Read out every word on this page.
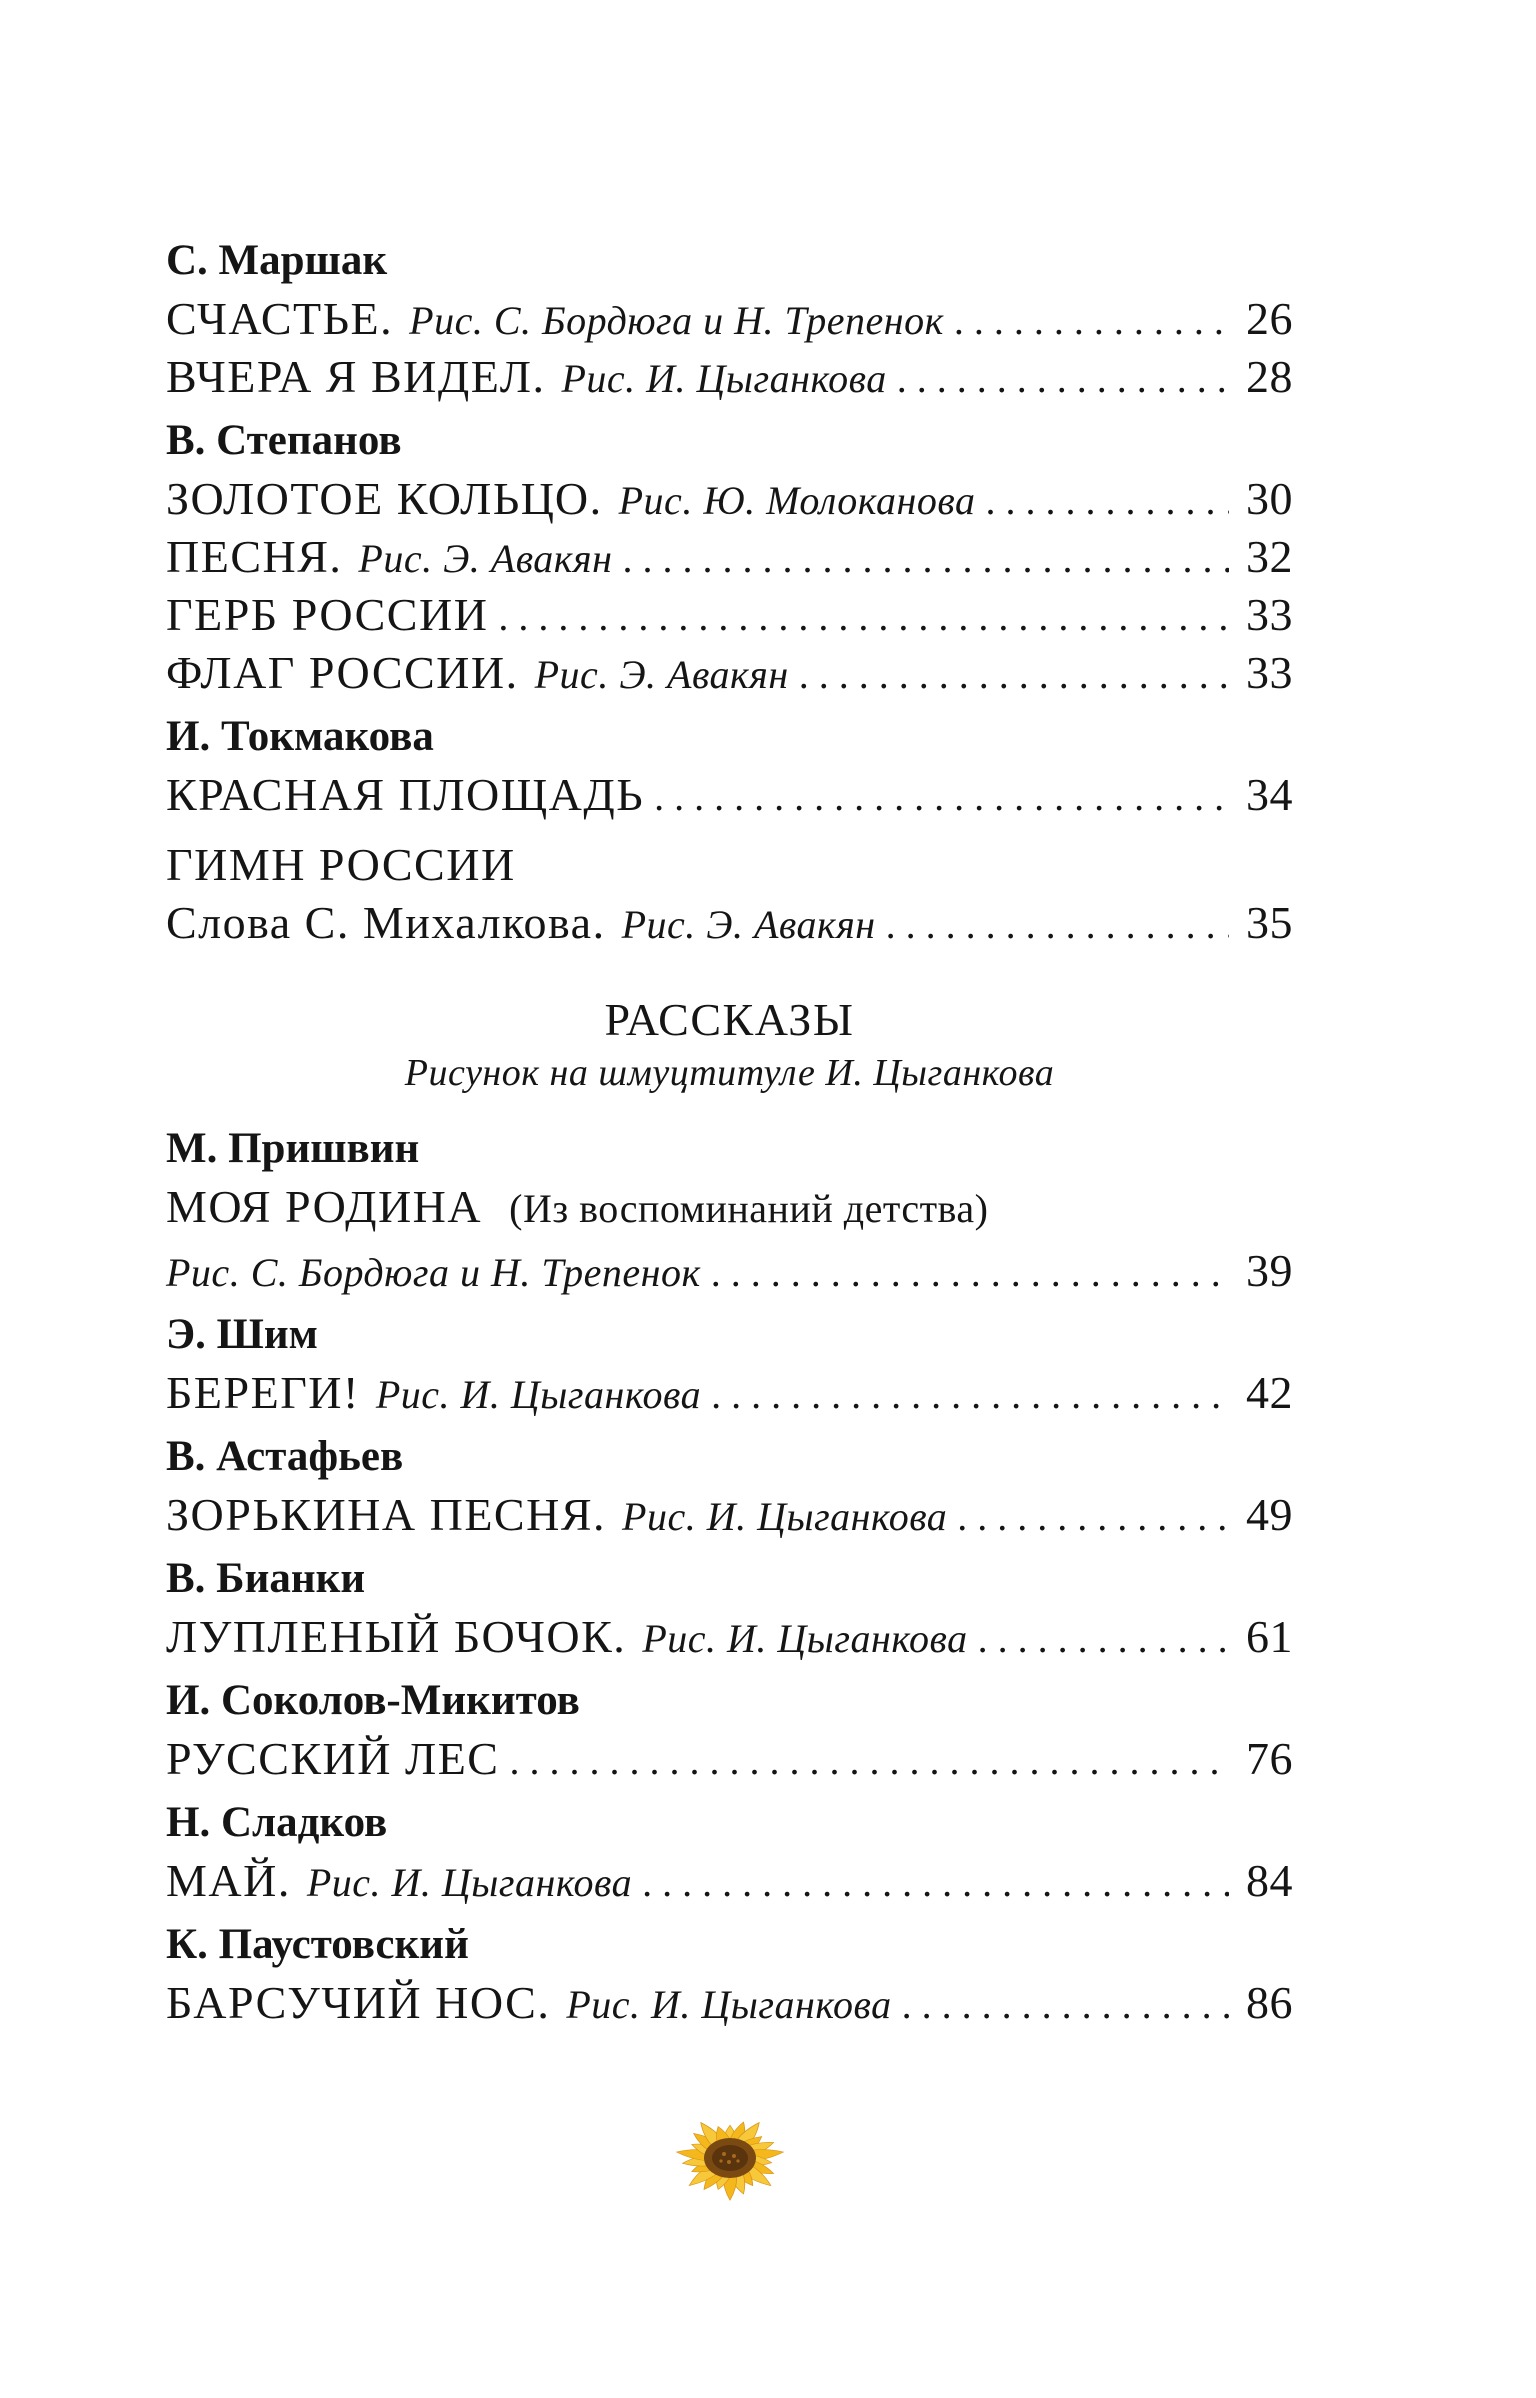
С. Маршак
СЧАСТЬЕ. Рис. С. Бордюга и Н. Трепенок . . .	26
ВЧЕРА Я ВИДЕЛ. Рис. И. Цыганкова . . .	28
В. Степанов
ЗОЛОТОЕ КОЛЬЦО. Рис. Ю. Молоканова . . .	30
ПЕСНЯ. Рис. Э. Авакян . . .	32
ГЕРБ РОССИИ . . .	33
ФЛАГ РОССИИ. Рис. Э. Авакян . . .	33
И. Токмакова
КРАСНАЯ ПЛОЩАДЬ . . .	34
ГИМН РОССИИ
Слова С. Михалкова. Рис. Э. Авакян . . .	35
РАССКАЗЫ
Рисунок на шмуцтитуле И. Цыганкова
М. Пришвин
МОЯ РОДИНА (Из воспоминаний детства)
Рис. С. Бордюга и Н. Трепенок . . .	39
Э. Шим
БЕРЕГИ! Рис. И. Цыганкова . . .	42
В. Астафьев
ЗОРЬКИНА ПЕСНЯ. Рис. И. Цыганкова . . .	49
В. Бианки
ЛУПЛЕНЫЙ БОЧОК. Рис. И. Цыганкова . . .	61
И. Соколов-Микитов
РУССКИЙ ЛЕС . . .	76
Н. Сладков
МАЙ. Рис. И. Цыганкова . . .	84
К. Паустовский
БАРСУЧИЙ НОС. Рис. И. Цыганкова . . .	86
